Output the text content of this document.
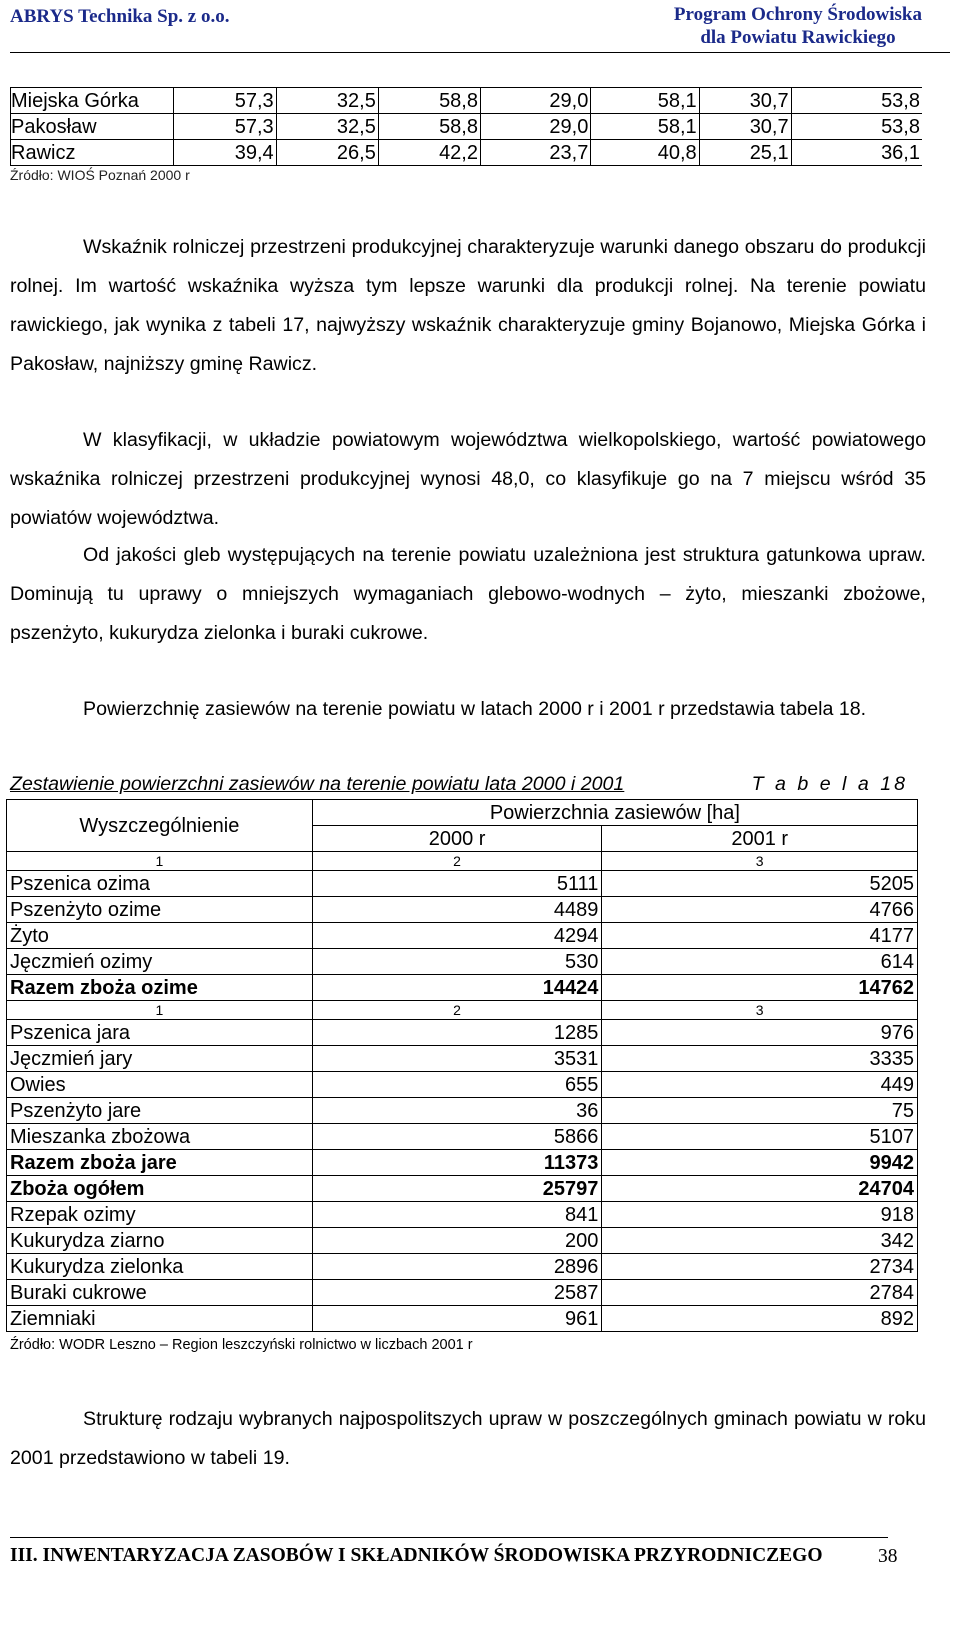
ABRYS Technika Sp. z o.o.	Program Ochrony Środowiska
dla Powiatu Rawickiego
Miejska Górka	57,3	32,5	58,8	29,0	58,1	30,7	53,8
Pakosław	57,3	32,5	58,8	29,0	58,1	30,7	53,8
Rawicz	39,4	26,5	42,2	23,7	40,8	25,1	36,1
Źródło: WIOŚ Poznań 2000 r
Wskaźnik rolniczej przestrzeni produkcyjnej charakteryzuje warunki danego obszaru do produkcji rolnej. Im wartość wskaźnika wyższa tym lepsze warunki dla produkcji rolnej. Na terenie powiatu rawickiego, jak wynika z tabeli 17, najwyższy wskaźnik charakteryzuje gminy Bojanowo, Miejska Górka i Pakosław, najniższy gminę Rawicz.
W klasyfikacji, w układzie powiatowym województwa wielkopolskiego, wartość powiatowego wskaźnika rolniczej przestrzeni produkcyjnej wynosi 48,0, co klasyfikuje go na 7 miejscu wśród 35 powiatów województwa.
Od jakości gleb występujących na terenie powiatu uzależniona jest struktura gatunkowa upraw. Dominują tu uprawy o mniejszych wymaganiach glebowo-wodnych – żyto, mieszanki zbożowe, pszenżyto, kukurydza zielonka i buraki cukrowe.
Powierzchnię zasiewów na terenie powiatu w latach 2000 r i 2001 r przedstawia tabela 18.
Zestawienie powierzchni zasiewów na terenie powiatu lata 2000 i 2001	T a b e l a 18
Wyszczególnienie	Powierzchnia zasiewów [ha]	
	2000 r	2001 r
1	2	3
Pszenica ozima	5111	5205
Pszenżyto ozime	4489	4766
Żyto	4294	4177
Jęczmień ozimy	530	614
Razem zboża ozime	14424	14762
1	2	3
Pszenica jara	1285	976
Jęczmień jary	3531	3335
Owies	655	449
Pszenżyto jare	36	75
Mieszanka zbożowa	5866	5107
Razem zboża jare	11373	9942
Zboża ogółem	25797	24704
Rzepak ozimy	841	918
Kukurydza ziarno	200	342
Kukurydza zielonka	2896	2734
Buraki cukrowe	2587	2784
Ziemniaki	961	892
Źródło: WODR Leszno – Region leszczyński rolnictwo w liczbach 2001 r
Strukturę rodzaju wybranych najpospolitszych upraw w poszczególnych gminach powiatu w roku 2001 przedstawiono w tabeli 19.
III. INWENTARYZACJA ZASOBÓW I SKŁADNIKÓW ŚRODOWISKA PRZYRODNICZEGO	38
